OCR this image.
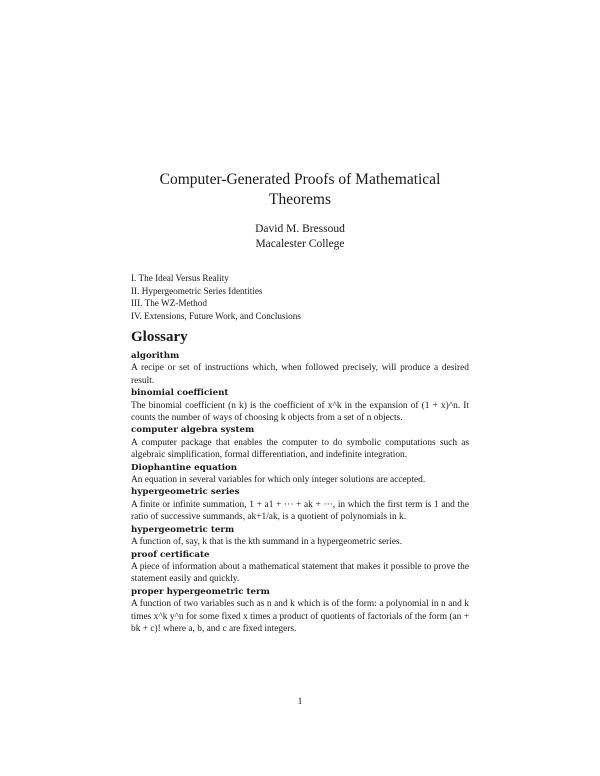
Computer-Generated Proofs of Mathematical
Theorems
David M. Bressoud
Macalester College
I. The Ideal Versus Reality
II. Hypergeometric Series Identities
III. The WZ-Method
IV. Extensions, Future Work, and Conclusions
Glossary
algorithm
A recipe or set of instructions which, when followed precisely, will produce a desired result.
binomial coefficient
The binomial coefficient (n k) is the coefficient of x^k in the expansion of (1 + x)^n. It counts the number of ways of choosing k objects from a set of n objects.
computer algebra system
A computer package that enables the computer to do symbolic computations such as algebraic simplification, formal differentiation, and indefinite integration.
Diophantine equation
An equation in several variables for which only integer solutions are accepted.
hypergeometric series
A finite or infinite summation, 1 + a1 + ··· + ak + ···, in which the first term is 1 and the ratio of successive summands, ak+1/ak, is a quotient of polynomials in k.
hypergeometric term
A function of, say, k that is the kth summand in a hypergeometric series.
proof certificate
A piece of information about a mathematical statement that makes it possible to prove the statement easily and quickly.
proper hypergeometric term
A function of two variables such as n and k which is of the form: a polynomial in n and k times x^k y^n for some fixed x times a product of quotients of factorials of the form (an + bk + c)! where a, b, and c are fixed integers.
1
